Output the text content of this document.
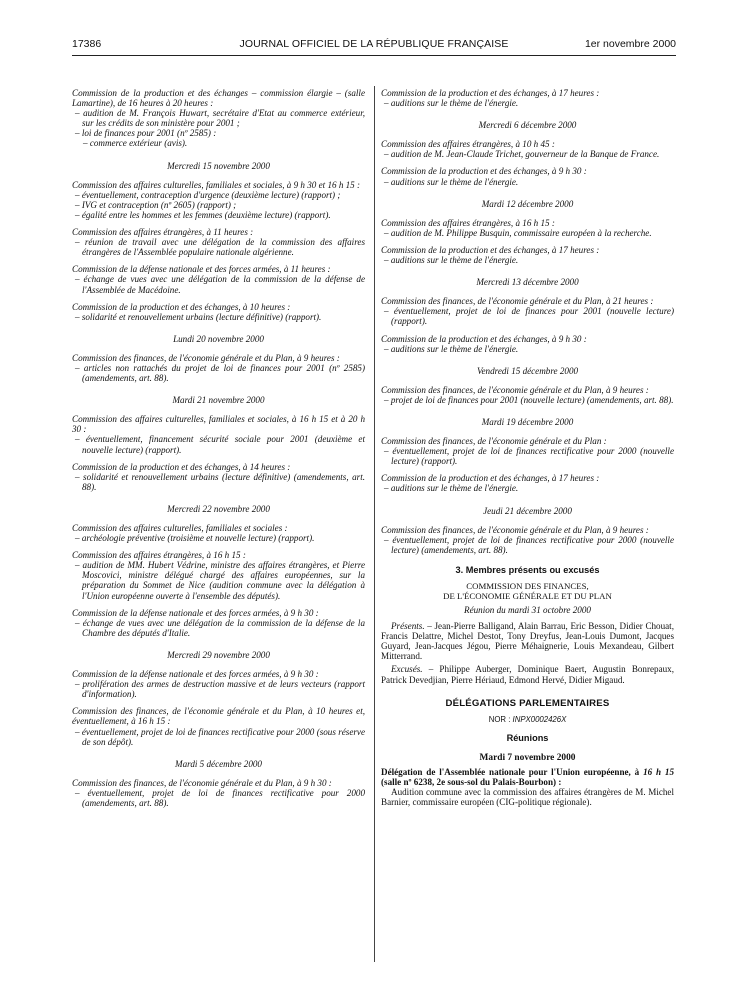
17386	JOURNAL OFFICIEL DE LA RÉPUBLIQUE FRANÇAISE	1er novembre 2000
Commission de la production et des échanges – commission élargie – (salle Lamartine), de 16 heures à 20 heures :
– audition de M. François Huwart, secrétaire d'Etat au commerce extérieur, sur les crédits de son ministère pour 2001 ;
– loi de finances pour 2001 (nº 2585) :
– commerce extérieur (avis).
Mercredi 15 novembre 2000
Commission des affaires culturelles, familiales et sociales, à 9 h 30 et 16 h 15 :
– éventuellement, contraception d'urgence (deuxième lecture) (rapport) ;
– IVG et contraception (nº 2605) (rapport) ;
– égalité entre les hommes et les femmes (deuxième lecture) (rapport).
Commission des affaires étrangères, à 11 heures :
– réunion de travail avec une délégation de la commission des affaires étrangères de l'Assemblée populaire nationale algérienne.
Commission de la défense nationale et des forces armées, à 11 heures :
– échange de vues avec une délégation de la commission de la défense de l'Assemblée de Macédoine.
Commission de la production et des échanges, à 10 heures :
– solidarité et renouvellement urbains (lecture définitive) (rapport).
Lundi 20 novembre 2000
Commission des finances, de l'économie générale et du Plan, à 9 heures :
– articles non rattachés du projet de loi de finances pour 2001 (nº 2585) (amendements, art. 88).
Mardi 21 novembre 2000
Commission des affaires culturelles, familiales et sociales, à 16 h 15 et à 20 h 30 :
– éventuellement, financement sécurité sociale pour 2001 (deuxième et nouvelle lecture) (rapport).
Commission de la production et des échanges, à 14 heures :
– solidarité et renouvellement urbains (lecture définitive) (amendements, art. 88).
Mercredi 22 novembre 2000
Commission des affaires culturelles, familiales et sociales :
– archéologie préventive (troisième et nouvelle lecture) (rapport).
Commission des affaires étrangères, à 16 h 15 :
– audition de MM. Hubert Védrine, ministre des affaires étrangères, et Pierre Moscovici, ministre délégué chargé des affaires européennes, sur la préparation du Sommet de Nice (audition commune avec la délégation à l'Union européenne ouverte à l'ensemble des députés).
Commission de la défense nationale et des forces armées, à 9 h 30 :
– échange de vues avec une délégation de la commission de la défense de la Chambre des députés d'Italie.
Mercredi 29 novembre 2000
Commission de la défense nationale et des forces armées, à 9 h 30 :
– prolifération des armes de destruction massive et de leurs vecteurs (rapport d'information).
Commission des finances, de l'économie générale et du Plan, à 10 heures et, éventuellement, à 16 h 15 :
– éventuellement, projet de loi de finances rectificative pour 2000 (sous réserve de son dépôt).
Mardi 5 décembre 2000
Commission des finances, de l'économie générale et du Plan, à 9 h 30 :
– éventuellement, projet de loi de finances rectificative pour 2000 (amendements, art. 88).
Commission de la production et des échanges, à 17 heures :
– auditions sur le thème de l'énergie.
Mercredi 6 décembre 2000
Commission des affaires étrangères, à 10 h 45 :
– audition de M. Jean-Claude Trichet, gouverneur de la Banque de France.
Commission de la production et des échanges, à 9 h 30 :
– auditions sur le thème de l'énergie.
Mardi 12 décembre 2000
Commission des affaires étrangères, à 16 h 15 :
– audition de M. Philippe Busquin, commissaire européen à la recherche.
Commission de la production et des échanges, à 17 heures :
– auditions sur le thème de l'énergie.
Mercredi 13 décembre 2000
Commission des finances, de l'économie générale et du Plan, à 21 heures :
– éventuellement, projet de loi de finances pour 2001 (nouvelle lecture) (rapport).
Commission de la production et des échanges, à 9 h 30 :
– auditions sur le thème de l'énergie.
Vendredi 15 décembre 2000
Commission des finances, de l'économie générale et du Plan, à 9 heures :
– projet de loi de finances pour 2001 (nouvelle lecture) (amendements, art. 88).
Mardi 19 décembre 2000
Commission des finances, de l'économie générale et du Plan :
– éventuellement, projet de loi de finances rectificative pour 2000 (nouvelle lecture) (rapport).
Commission de la production et des échanges, à 17 heures :
– auditions sur le thème de l'énergie.
Jeudi 21 décembre 2000
Commission des finances, de l'économie générale et du Plan, à 9 heures :
– éventuellement, projet de loi de finances rectificative pour 2000 (nouvelle lecture) (amendements, art. 88).
3. Membres présents ou excusés
COMMISSION DES FINANCES,
DE L'ÉCONOMIE GÉNÉRALE ET DU PLAN
Réunion du mardi 31 octobre 2000
Présents. – Jean-Pierre Balligand, Alain Barrau, Eric Besson, Didier Chouat, Francis Delattre, Michel Destot, Tony Dreyfus, Jean-Louis Dumont, Jacques Guyard, Jean-Jacques Jégou, Pierre Méhaignerie, Louis Mexandeau, Gilbert Mitterrand.
Excusés. – Philippe Auberger, Dominique Baert, Augustin Bonrepaux, Patrick Devedjian, Pierre Hériaud, Edmond Hervé, Didier Migaud.
DÉLÉGATIONS PARLEMENTAIRES
NOR : INPX0002426X
Réunions
Mardi 7 novembre 2000
Délégation de l'Assemblée nationale pour l'Union européenne, à 16 h 15 (salle nº 6238, 2e sous-sol du Palais-Bourbon) :
Audition commune avec la commission des affaires étrangères de M. Michel Barnier, commissaire européen (CIG-politique régionale).
